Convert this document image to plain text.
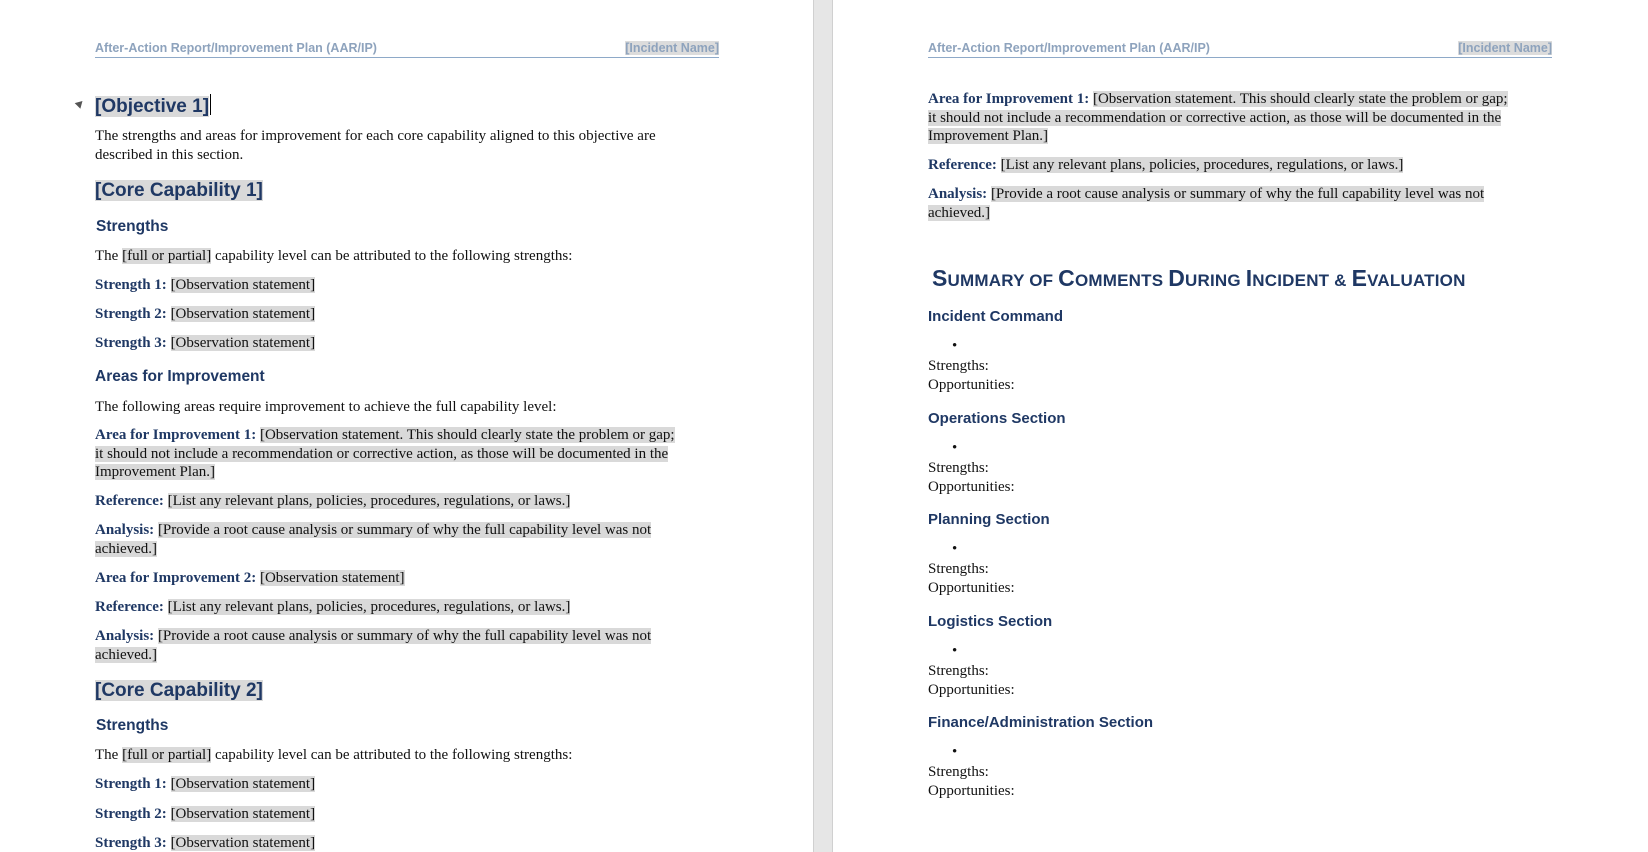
After-Action Report/Improvement Plan (AAR/IP)	[Incident Name]
[Objective 1]
The strengths and areas for improvement for each core capability aligned to this objective are
described in this section.
[Core Capability 1]
Strengths
The [full or partial] capability level can be attributed to the following strengths:
Strength 1: [Observation statement]
Strength 2: [Observation statement]
Strength 3: [Observation statement]
Areas for Improvement
The following areas require improvement to achieve the full capability level:
Area for Improvement 1: [Observation statement. This should clearly state the problem or gap;
it should not include a recommendation or corrective action, as those will be documented in the
Improvement Plan.]
Reference: [List any relevant plans, policies, procedures, regulations, or laws.]
Analysis: [Provide a root cause analysis or summary of why the full capability level was not
achieved.]
Area for Improvement 2: [Observation statement]
Reference: [List any relevant plans, policies, procedures, regulations, or laws.]
Analysis: [Provide a root cause analysis or summary of why the full capability level was not
achieved.]
[Core Capability 2]
Strengths
The [full or partial] capability level can be attributed to the following strengths:
Strength 1: [Observation statement]
Strength 2: [Observation statement]
Strength 3: [Observation statement]
After-Action Report/Improvement Plan (AAR/IP)	[Incident Name]
Area for Improvement 1: [Observation statement. This should clearly state the problem or gap;
it should not include a recommendation or corrective action, as those will be documented in the
Improvement Plan.]
Reference: [List any relevant plans, policies, procedures, regulations, or laws.]
Analysis: [Provide a root cause analysis or summary of why the full capability level was not
achieved.]
SUMMARY OF COMMENTS DURING INCIDENT & EVALUATION
Incident Command
•
Strengths:
Opportunities:
Operations Section
•
Strengths:
Opportunities:
Planning Section
•
Strengths:
Opportunities:
Logistics Section
•
Strengths:
Opportunities:
Finance/Administration Section
•
Strengths:
Opportunities:
